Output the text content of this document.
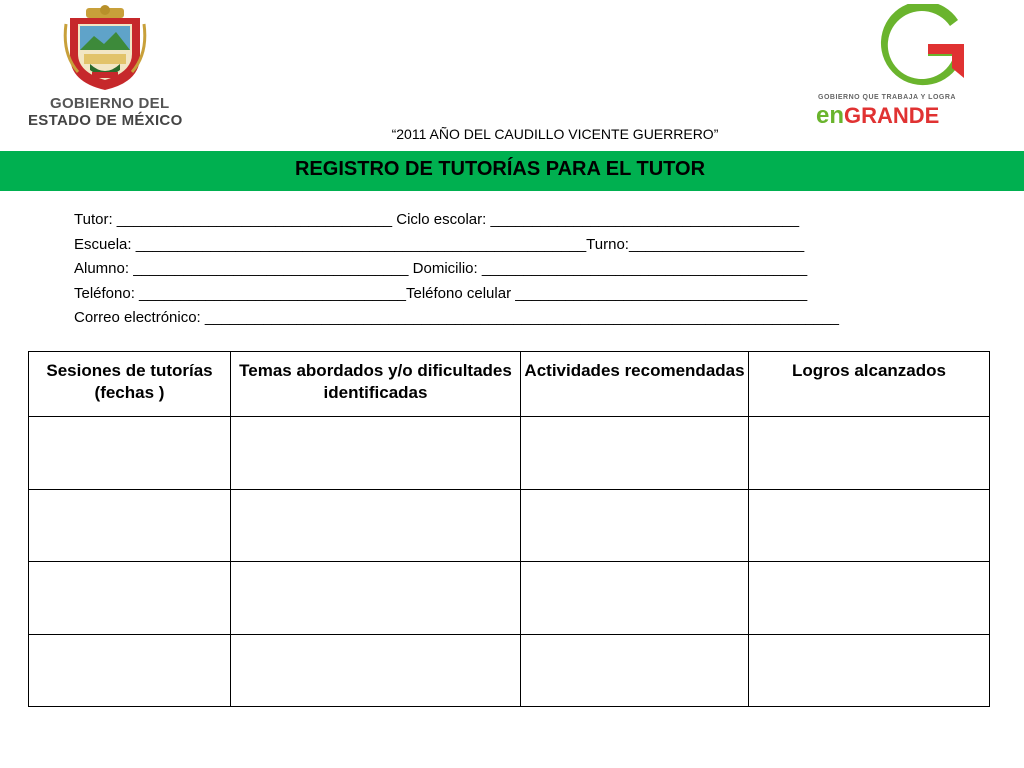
GOBIERNO DEL
ESTADO DE MÉXICO
GOBIERNO QUE TRABAJA Y LOGRA
enGRANDE
“2011 AÑO DEL CAUDILLO VICENTE GUERRERO”
REGISTRO DE TUTORÍAS PARA EL TUTOR
Tutor: _________________________________ Ciclo escolar: _____________________________________
Escuela: ______________________________________________________Turno:_____________________
Alumno: _________________________________ Domicilio: _______________________________________
Teléfono: ________________________________Teléfono celular ___________________________________
Correo electrónico: ____________________________________________________________________________
Sesiones de tutorías (fechas )	Temas abordados y/o dificultades identificadas	Actividades recomendadas	Logros alcanzados
